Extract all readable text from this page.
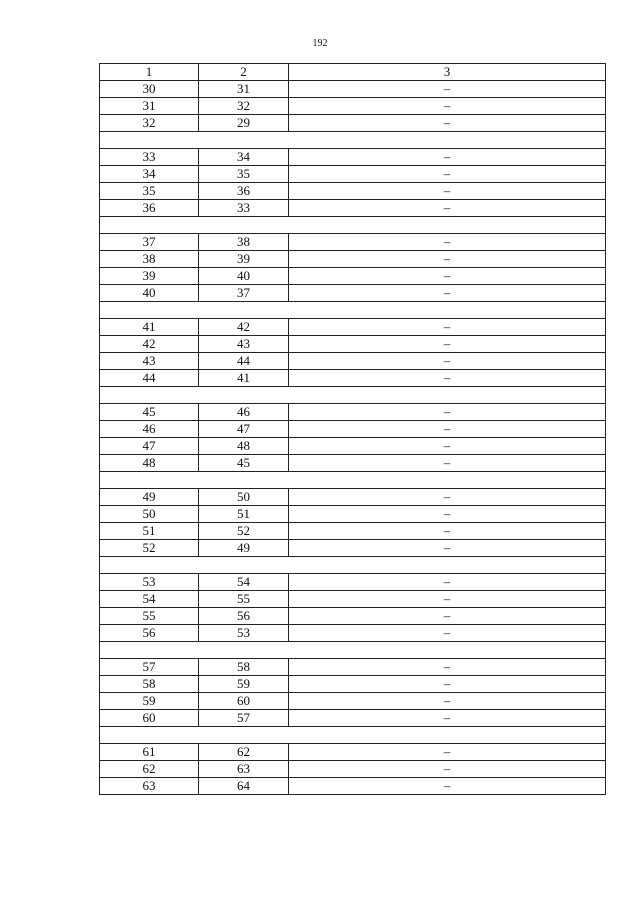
192
1	2	3
30	31	–
31	32	–
32	29	–

33	34	–
34	35	–
35	36	–
36	33	–

37	38	–
38	39	–
39	40	–
40	37	–

41	42	–
42	43	–
43	44	–
44	41	–

45	46	–
46	47	–
47	48	–
48	45	–

49	50	–
50	51	–
51	52	–
52	49	–

53	54	–
54	55	–
55	56	–
56	53	–

57	58	–
58	59	–
59	60	–
60	57	–

61	62	–
62	63	–
63	64	–
